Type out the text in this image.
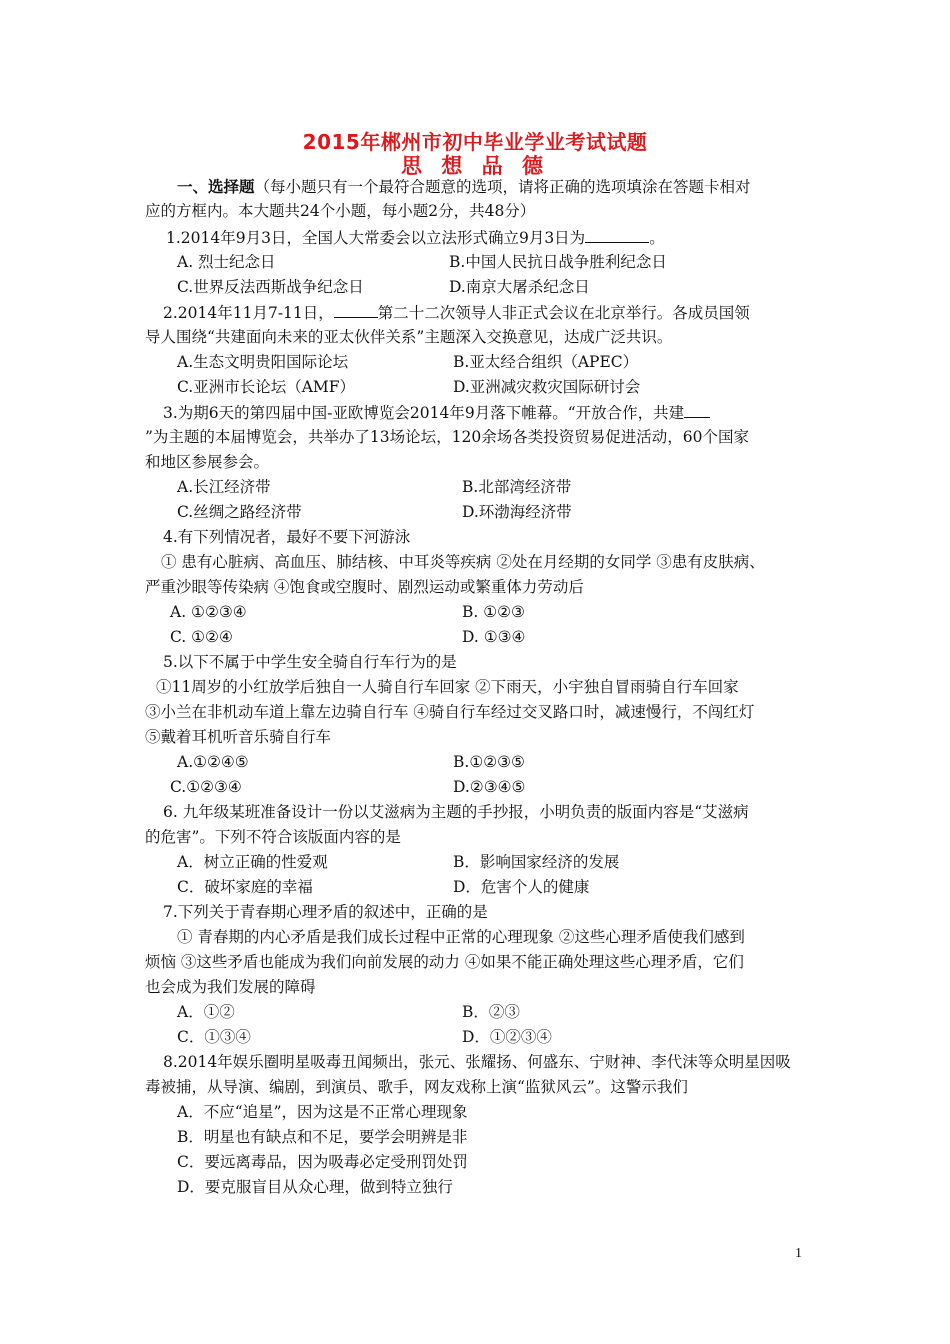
2015年郴州市初中毕业学业考试试题
思 想 品 德

一、选择题（每小题只有一个最符合题意的选项，请将正确的选项填涂在答题卡相对

应的方框内。本大题共24个小题，每小题2分，共48分）

1.2014年9月3日，全国人大常委会以立法形式确立9月3日为	。

A. 烈士纪念日	B.中国人民抗日战争胜利纪念日

C.世界反法西斯战争纪念日	D.南京大屠杀纪念日

2.2014年11月7-11日，	第二十二次领导人非正式会议在北京举行。各成员国领

导人围绕“共建面向未来的亚太伙伴关系”主题深入交换意见，达成广泛共识。

A.生态文明贵阳国际论坛	B.亚太经合组织（APEC）

C.亚洲市长论坛（AMF）	D.亚洲减灾救灾国际研讨会

3.为期6天的第四届中国-亚欧博览会2014年9月落下帷幕。“开放合作，共建

”为主题的本届博览会，共举办了13场论坛，120余场各类投资贸易促进活动，60个国家

和地区参展参会。

A.长江经济带	B.北部湾经济带

C.丝绸之路经济带	D.环渤海经济带

4.有下列情况者，最好不要下河游泳

① 患有心脏病、高血压、肺结核、中耳炎等疾病 ②处在月经期的女同学 ③患有皮肤病、

严重沙眼等传染病 ④饱食或空腹时、剧烈运动或繁重体力劳动后

A. ①②③④	B. ①②③

C. ①②④	D. ①③④

5.以下不属于中学生安全骑自行车行为的是

①11周岁的小红放学后独自一人骑自行车回家 ②下雨天，小宇独自冒雨骑自行车回家

③小兰在非机动车道上靠左边骑自行车 ④骑自行车经过交叉路口时，减速慢行，不闯红灯

⑤戴着耳机听音乐骑自行车

A.①②④⑤	B.①②③⑤

C.①②③④	D.②③④⑤

6. 九年级某班准备设计一份以艾滋病为主题的手抄报，小明负责的版面内容是“艾滋病

的危害”。下列不符合该版面内容的是

A．树立正确的性爱观	B．影响国家经济的发展

C．破坏家庭的幸福	D．危害个人的健康

7.下列关于青春期心理矛盾的叙述中，正确的是

① 青春期的内心矛盾是我们成长过程中正常的心理现象 ②这些心理矛盾使我们感到

烦恼 ③这些矛盾也能成为我们向前发展的动力 ④如果不能正确处理这些心理矛盾，它们

也会成为我们发展的障碍

A．①②	B．②③

C．①③④	D．①②③④

8.2014年娱乐圈明星吸毒丑闻频出，张元、张耀扬、何盛东、宁财神、李代沫等众明星因吸

毒被捕，从导演、编剧，到演员、歌手，网友戏称上演“监狱风云”。这警示我们

A．不应“追星”，因为这是不正常心理现象

B．明星也有缺点和不足，要学会明辨是非

C．要远离毒品，因为吸毒必定受刑罚处罚

D．要克服盲目从众心理，做到特立独行

1
